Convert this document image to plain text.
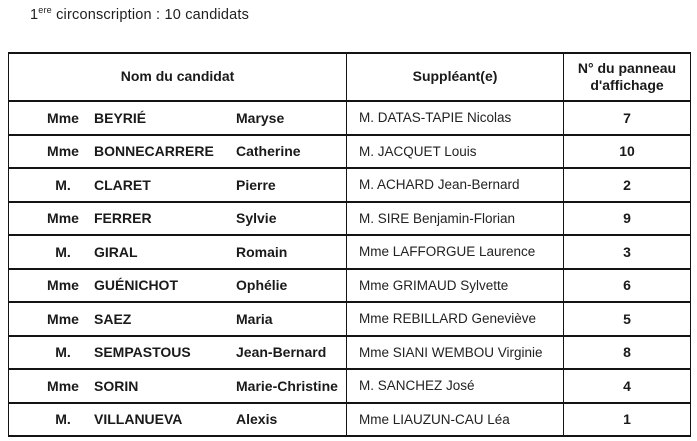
1ere circonscription : 10 candidats
Nom du candidat	Suppléant(e)	N° du panneau
d'affichage

Mme BEYRIÉ Maryse	M. DATAS-TAPIE Nicolas	7

Mme BONNECARRERE Catherine	M. JACQUET Louis	10

M. CLARET Pierre	M. ACHARD Jean-Bernard	2

Mme FERRER Sylvie	M. SIRE Benjamin-Florian	9

M. GIRAL Romain	Mme LAFFORGUE Laurence	3

Mme GUÉNICHOT Ophélie	Mme GRIMAUD Sylvette	6

Mme SAEZ Maria	Mme REBILLARD Geneviève	5

M. SEMPASTOUS Jean-Bernard	Mme SIANI WEMBOU Virginie	8

Mme SORIN Marie-Christine	M. SANCHEZ José	4

M. VILLANUEVA Alexis	Mme LIAUZUN-CAU Léa	1
